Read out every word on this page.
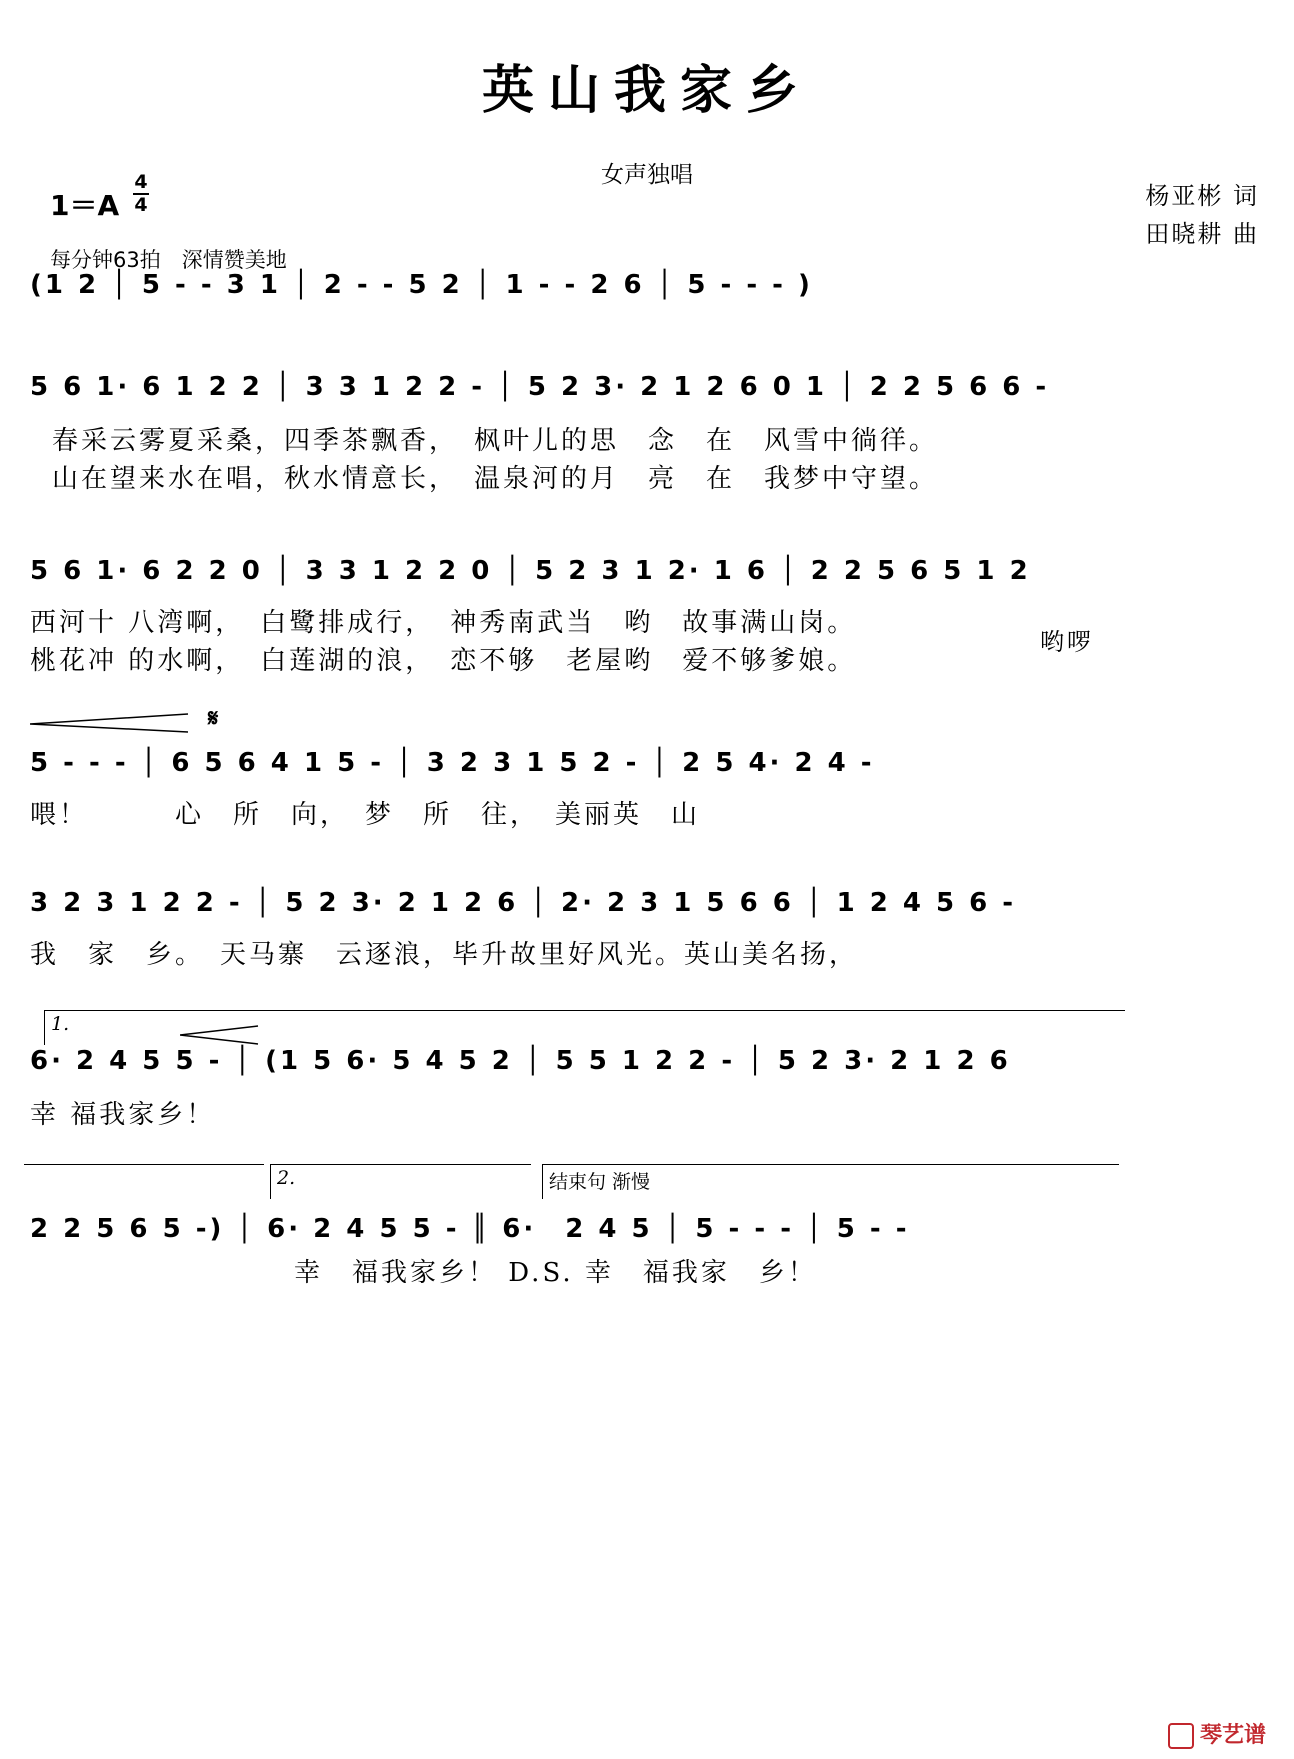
英山我家乡
女声独唱
1＝A
4
4
每分钟63拍　深情赞美地
杨亚彬 词
田晓耕 曲
(1 2 │ 5 - - 3 1 │ 2 - - 5 2 │ 1 - - 2 6 │ 5 - - - )
5 6 1· 6 1 2 2 │ 3 3 1 2 2 - │ 5 2 3· 2 1 2 6 0 1 │ 2 2 5 6 6 -
春采云雾夏采桑，四季茶飘香，　枫叶儿的思　念　在　风雪中徜徉。
山在望来水在唱，秋水情意长，　温泉河的月　亮　在　我梦中守望。
5 6 1· 6 2 2 0 │ 3 3 1 2 2 0 │ 5 2 3 1 2· 1 6 │ 2 2 5 6 5 1 2
西河十 八湾啊，　白鹭排成行，　神秀南武当　哟　故事满山岗。
桃花冲 的水啊，　白莲湖的浪，　恋不够　老屋哟　爱不够爹娘。
哟啰
𝄋
5 - - - │ 6 5 6 4 1 5 - │ 3 2 3 1 5 2 - │ 2 5 4· 2 4 -
喂！　　　心　所　向，　梦　所　往，　美丽英　山
3 2 3 1 2 2 - │ 5 2 3· 2 1 2 6 │ 2· 2 3 1 5 6 6 │ 1 2 4 5 6 -
我　家　乡。　天马寨　云逐浪，毕升故里好风光。英山美名扬，
1.
6· 2 4 5 5 - │ (1 5 6· 5 4 5 2 │ 5 5 1 2 2 - │ 5 2 3· 2 1 2 6
幸 福我家乡！
2.	结束句 渐慢
2 2 5 6 5 -) │ 6· 2 4 5 5 - ║ 6·　2 4 5 │ 5 - - - │ 5 - -
幸　福我家乡！ D.S. 幸　福我家　乡！
琴艺谱
